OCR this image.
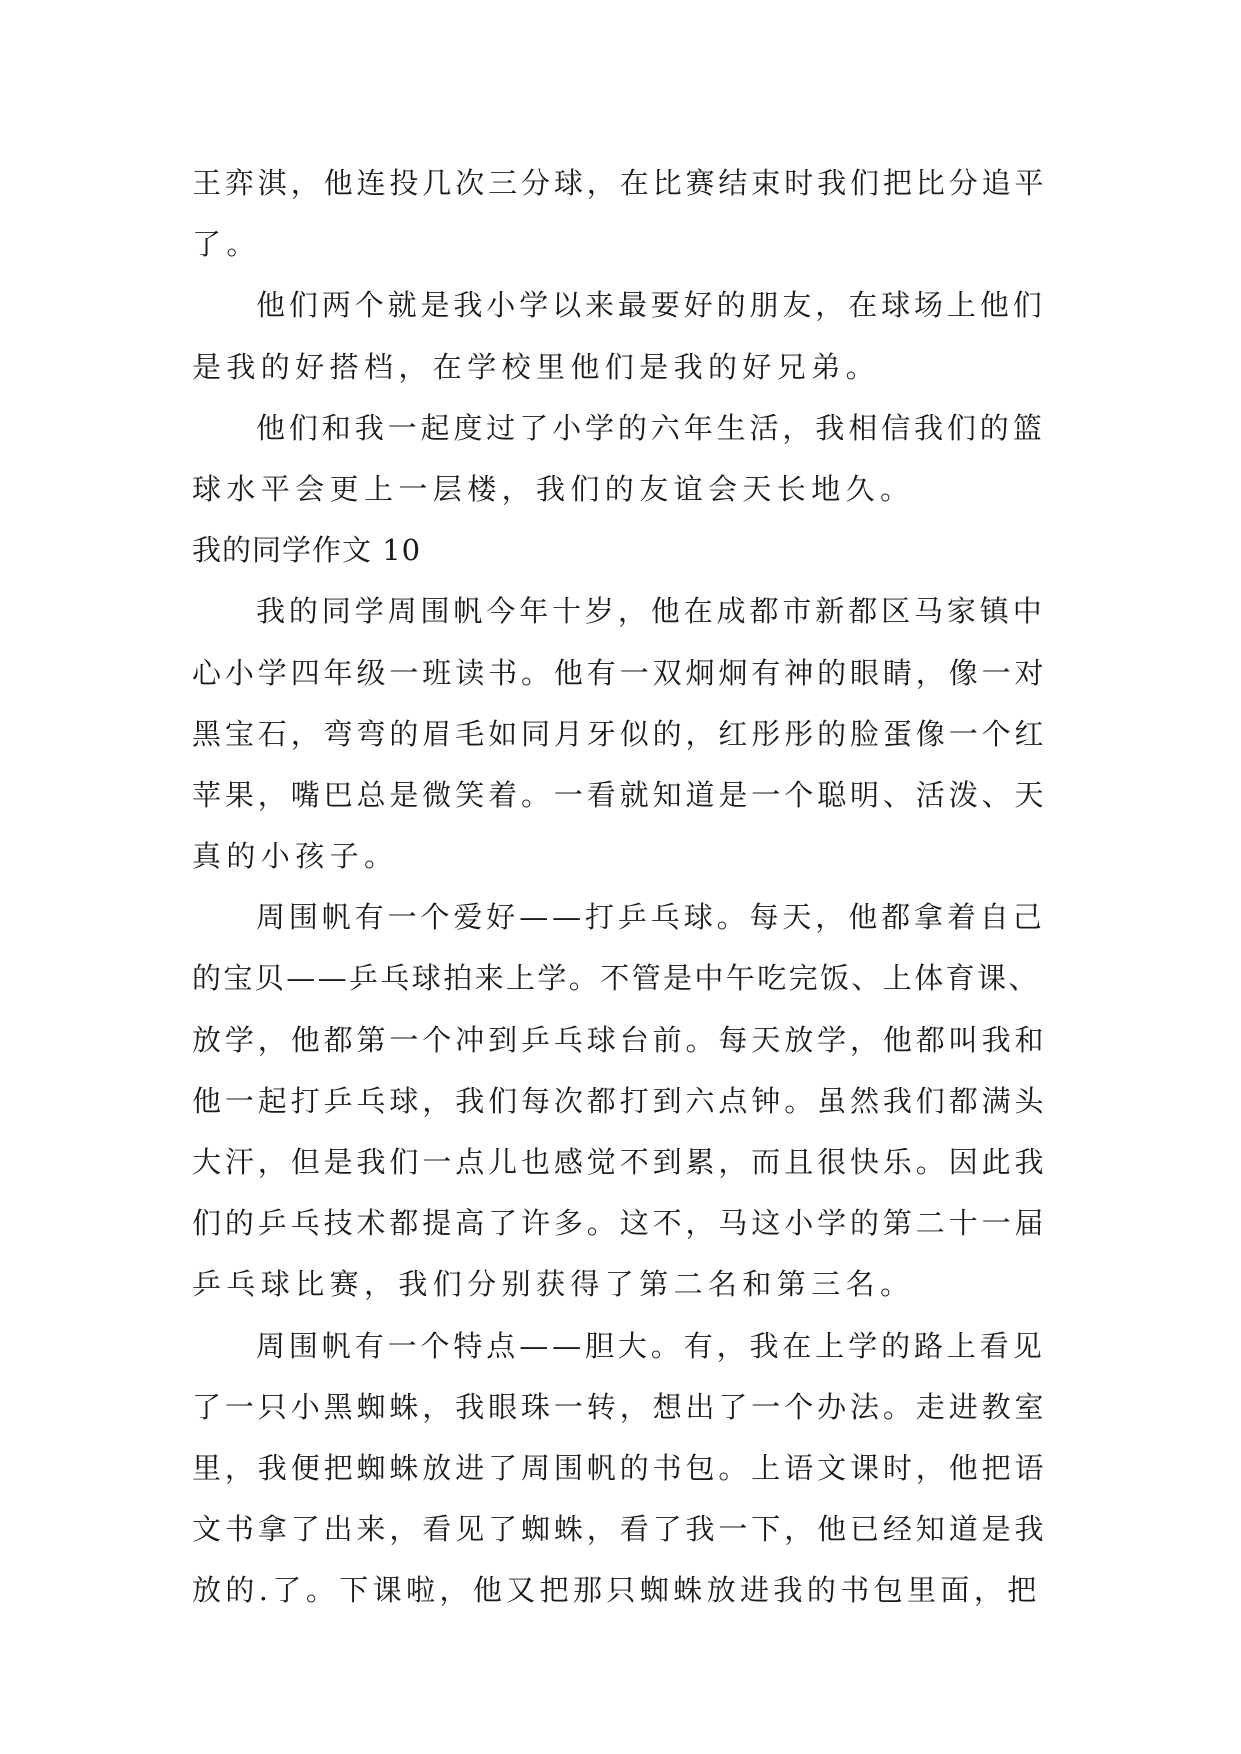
王弈淇，他连投几次三分球，在比赛结束时我们把比分追平
了。
他们两个就是我小学以来最要好的朋友，在球场上他们
是我的好搭档，在学校里他们是我的好兄弟。
他们和我一起度过了小学的六年生活，我相信我们的篮
球水平会更上一层楼，我们的友谊会天长地久。
我的同学作文 10
我的同学周围帆今年十岁，他在成都市新都区马家镇中
心小学四年级一班读书。他有一双炯炯有神的眼睛，像一对
黑宝石，弯弯的眉毛如同月牙似的，红彤彤的脸蛋像一个红
苹果，嘴巴总是微笑着。一看就知道是一个聪明、活泼、天
真的小孩子。
周围帆有一个爱好——打乒乓球。每天，他都拿着自己
的宝贝——乒乓球拍来上学。不管是中午吃完饭、上体育课、
放学，他都第一个冲到乒乓球台前。每天放学，他都叫我和
他一起打乒乓球，我们每次都打到六点钟。虽然我们都满头
大汗，但是我们一点儿也感觉不到累，而且很快乐。因此我
们的乒乓技术都提高了许多。这不，马这小学的第二十一届
乒乓球比赛，我们分别获得了第二名和第三名。
周围帆有一个特点——胆大。有，我在上学的路上看见
了一只小黑蜘蛛，我眼珠一转，想出了一个办法。走进教室
里，我便把蜘蛛放进了周围帆的书包。上语文课时，他把语
文书拿了出来，看见了蜘蛛，看了我一下，他已经知道是我
放的.了。下课啦，他又把那只蜘蛛放进我的书包里面，把
